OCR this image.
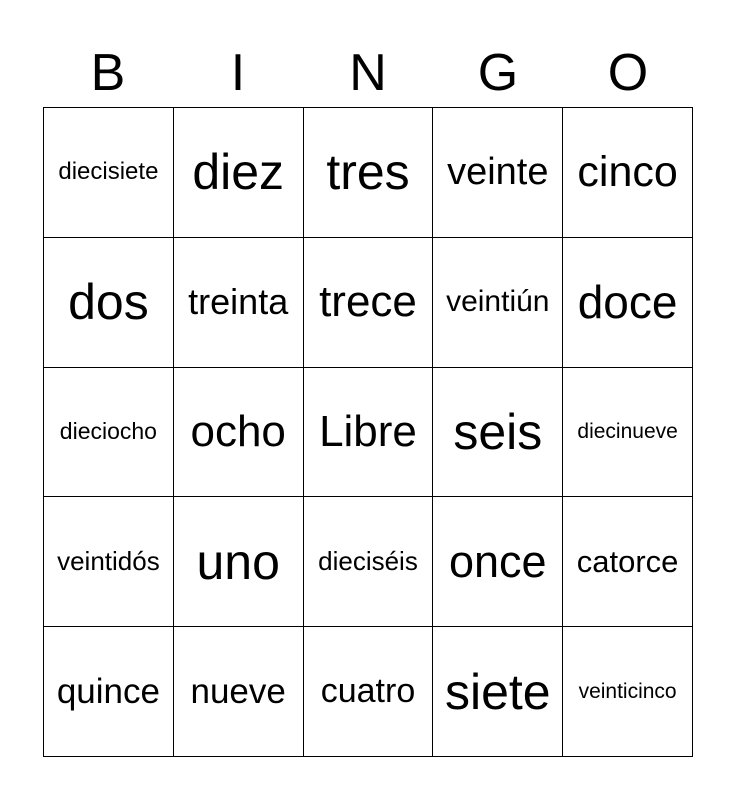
B	I	N	G	O
diecisiete diez tres veinte cinco
dos	treinta trece veintiún doce
dieciocho ocho Libre seis	diecinueve
veintidós uno	dieciséis once catorce
quince nueve	cuatro siete	veinticinco
